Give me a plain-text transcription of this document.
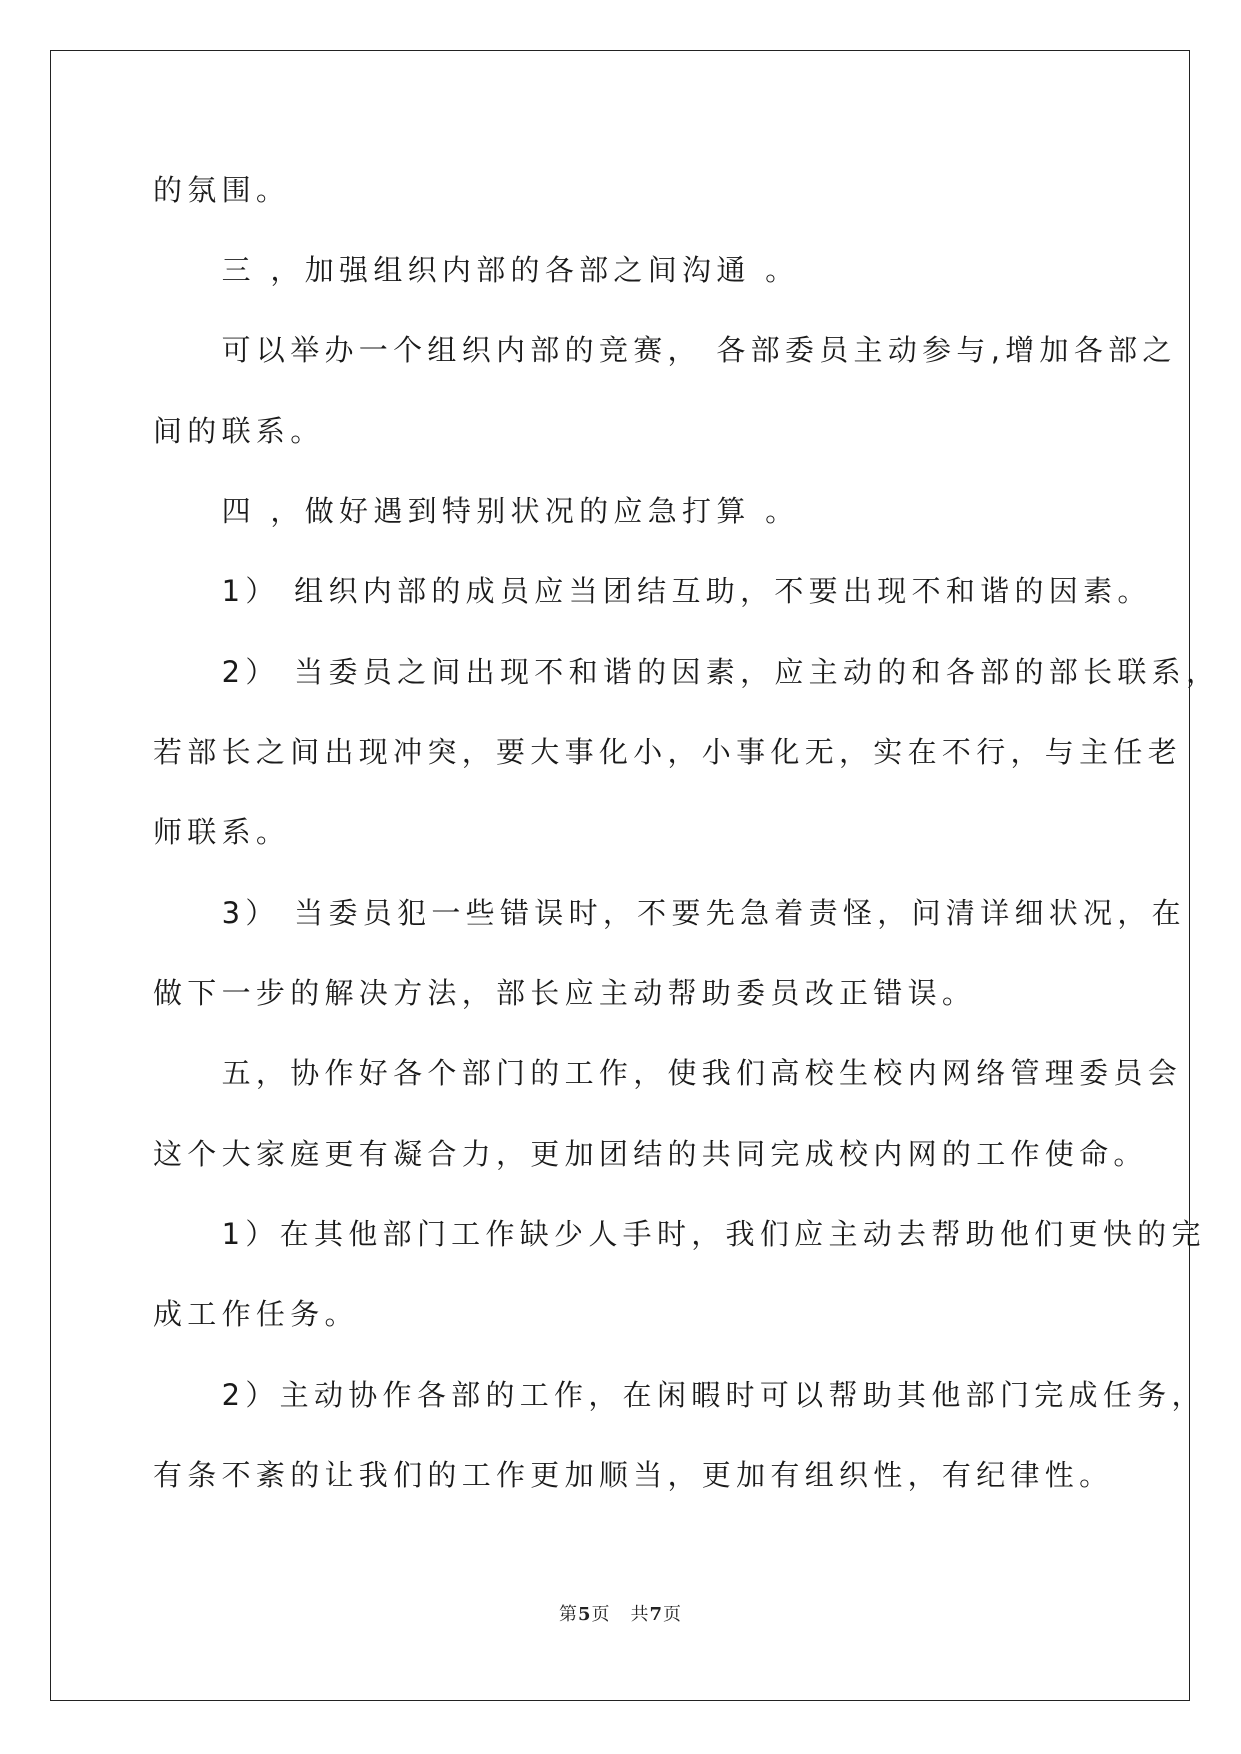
的氛围。
　　三 ，加强组织内部的各部之间沟通 。
　　可以举办一个组织内部的竞赛， 各部委员主动参与,增加各部之
间的联系。
　　四 ，做好遇到特别状况的应急打算 。
　　1） 组织内部的成员应当团结互助，不要出现不和谐的因素。
　　2） 当委员之间出现不和谐的因素，应主动的和各部的部长联系，
若部长之间出现冲突，要大事化小，小事化无，实在不行，与主任老
师联系。
　　3） 当委员犯一些错误时，不要先急着责怪，问清详细状况，在
做下一步的解决方法，部长应主动帮助委员改正错误。
　　五，协作好各个部门的工作，使我们高校生校内网络管理委员会
这个大家庭更有凝合力，更加团结的共同完成校内网的工作使命。
　　1）在其他部门工作缺少人手时，我们应主动去帮助他们更快的完
成工作任务。
　　2）主动协作各部的工作，在闲暇时可以帮助其他部门完成任务，
有条不紊的让我们的工作更加顺当，更加有组织性，有纪律性。
第5页 共7页
